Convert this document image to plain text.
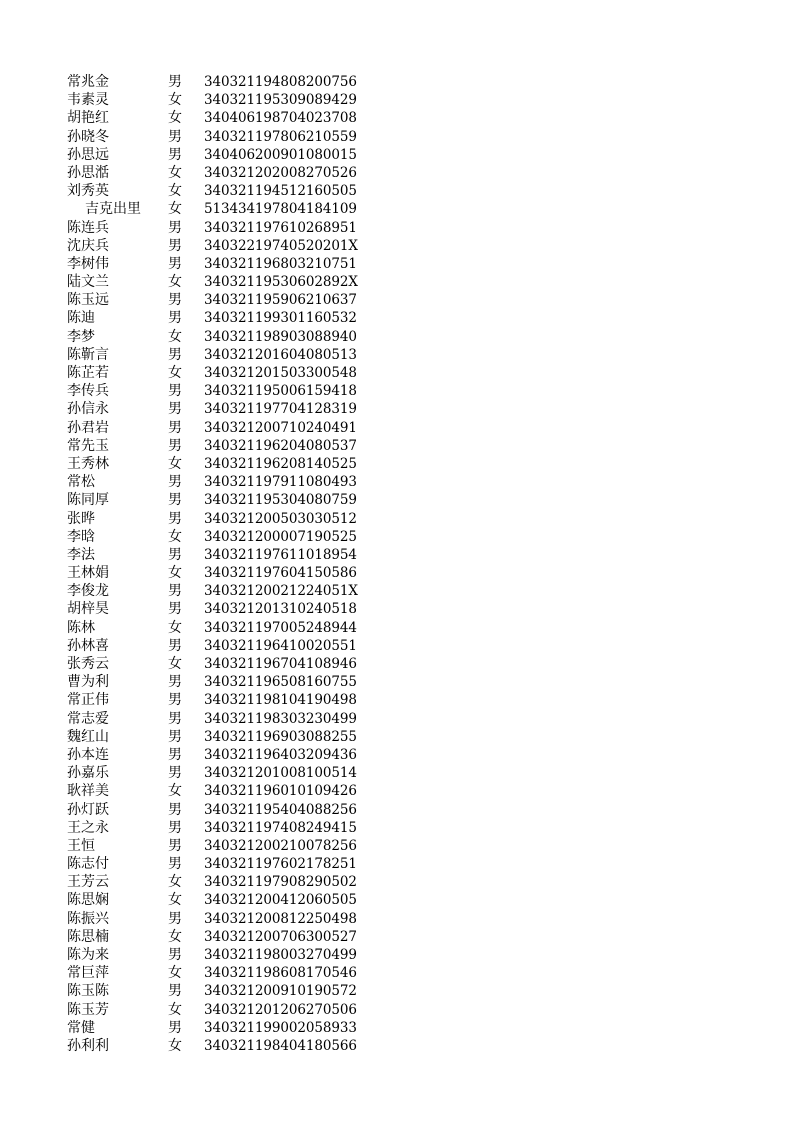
常兆金	男	340321194808200756
韦素灵	女	340321195309089429
胡艳红	女	340406198704023708
孙晓冬	男	340321197806210559
孙思远	男	340406200901080015
孙思湉	女	340321202008270526
刘秀英	女	340321194512160505
吉克出里	女	513434197804184109
陈连兵	男	340321197610268951
沈庆兵	男	34032219740520201X
李树伟	男	340321196803210751
陆文兰	女	34032119530602892X
陈玉远	男	340321195906210637
陈迪	男	340321199301160532
李梦	女	340321198903088940
陈靳言	男	340321201604080513
陈芷若	女	340321201503300548
李传兵	男	340321195006159418
孙信永	男	340321197704128319
孙君岩	男	340321200710240491
常先玉	男	340321196204080537
王秀林	女	340321196208140525
常松	男	340321197911080493
陈同厚	男	340321195304080759
张晔	男	340321200503030512
李晗	女	340321200007190525
李法	男	340321197611018954
王林娟	女	340321197604150586
李俊龙	男	34032120021224051X
胡梓昊	男	340321201310240518
陈林	女	340321197005248944
孙林喜	男	340321196410020551
张秀云	女	340321196704108946
曹为利	男	340321196508160755
常正伟	男	340321198104190498
常志爱	男	340321198303230499
魏红山	男	340321196903088255
孙本连	男	340321196403209436
孙嘉乐	男	340321201008100514
耿祥美	女	340321196010109426
孙灯跃	男	340321195404088256
王之永	男	340321197408249415
王恒	男	340321200210078256
陈志付	男	340321197602178251
王芳云	女	340321197908290502
陈思娴	女	340321200412060505
陈振兴	男	340321200812250498
陈思楠	女	340321200706300527
陈为来	男	340321198003270499
常巨萍	女	340321198608170546
陈玉陈	男	340321200910190572
陈玉芳	女	340321201206270506
常健	男	340321199002058933
孙利利	女	340321198404180566
